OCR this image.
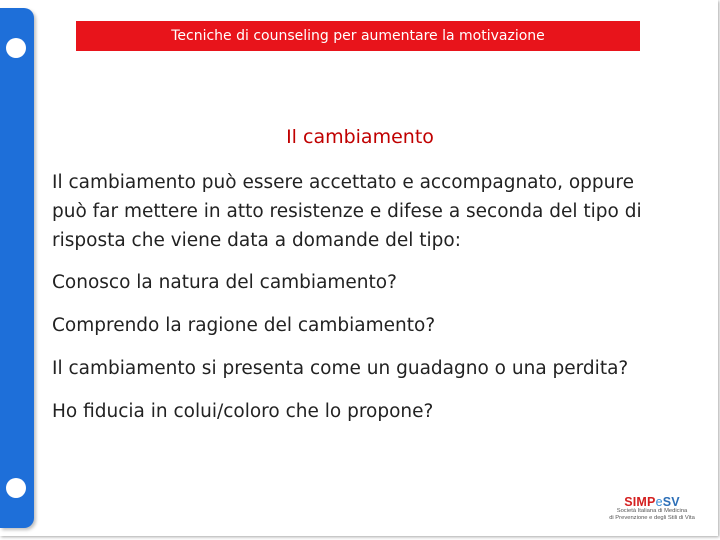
Tecniche di counseling per aumentare la motivazione
Il cambiamento
Il cambiamento può essere accettato e accompagnato, oppure può far mettere in atto resistenze e difese a seconda del tipo di risposta che viene data a domande del tipo:
Conosco la natura del cambiamento?
Comprendo la ragione del cambiamento?
Il cambiamento si presenta come un guadagno o una perdita?
Ho fiducia in colui/coloro che lo propone?
SIMPeSV
Società Italiana di Medicina
di Prevenzione e degli Stili di Vita
